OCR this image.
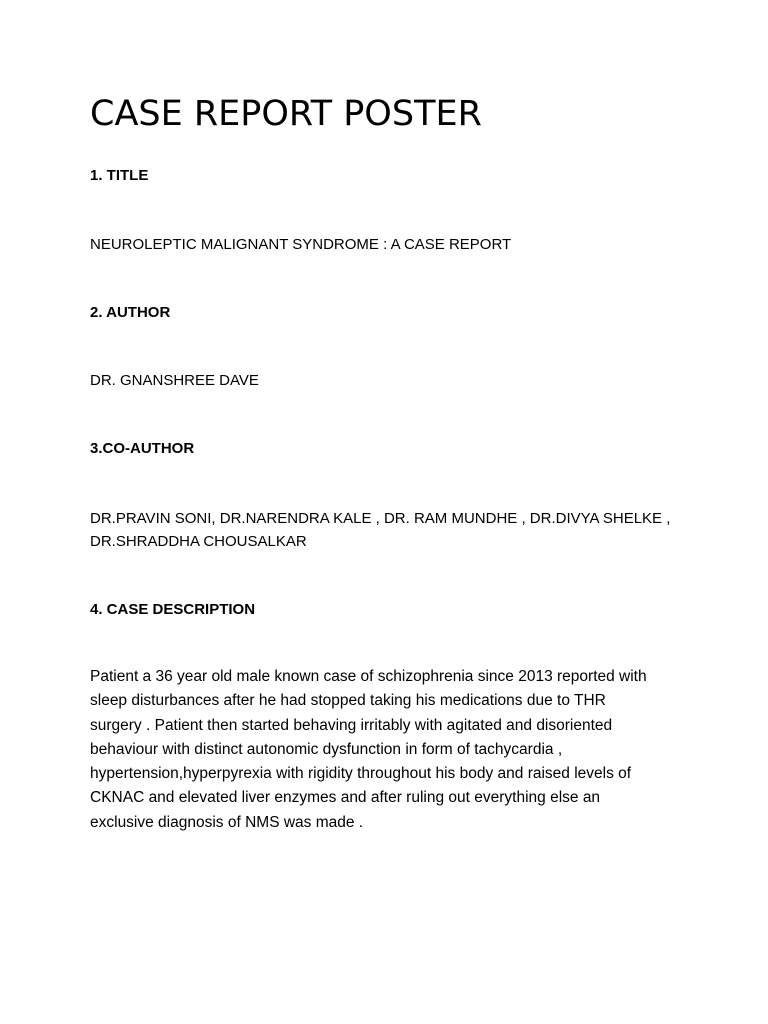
CASE REPORT POSTER
1. TITLE
NEUROLEPTIC MALIGNANT SYNDROME : A CASE REPORT
2. AUTHOR
DR. GNANSHREE DAVE
3.CO-AUTHOR
DR.PRAVIN SONI, DR.NARENDRA KALE , DR. RAM MUNDHE , DR.DIVYA SHELKE ,
DR.SHRADDHA CHOUSALKAR
4. CASE DESCRIPTION
Patient a 36 year old male known case of schizophrenia since 2013 reported with
sleep disturbances after he had stopped taking his medications due to THR
surgery . Patient then started behaving irritably with agitated and disoriented
behaviour with distinct autonomic dysfunction in form of tachycardia ,
hypertension,hyperpyrexia with rigidity throughout his body and raised levels of
CKNAC and elevated liver enzymes and after ruling out everything else an
exclusive diagnosis of NMS was made .
